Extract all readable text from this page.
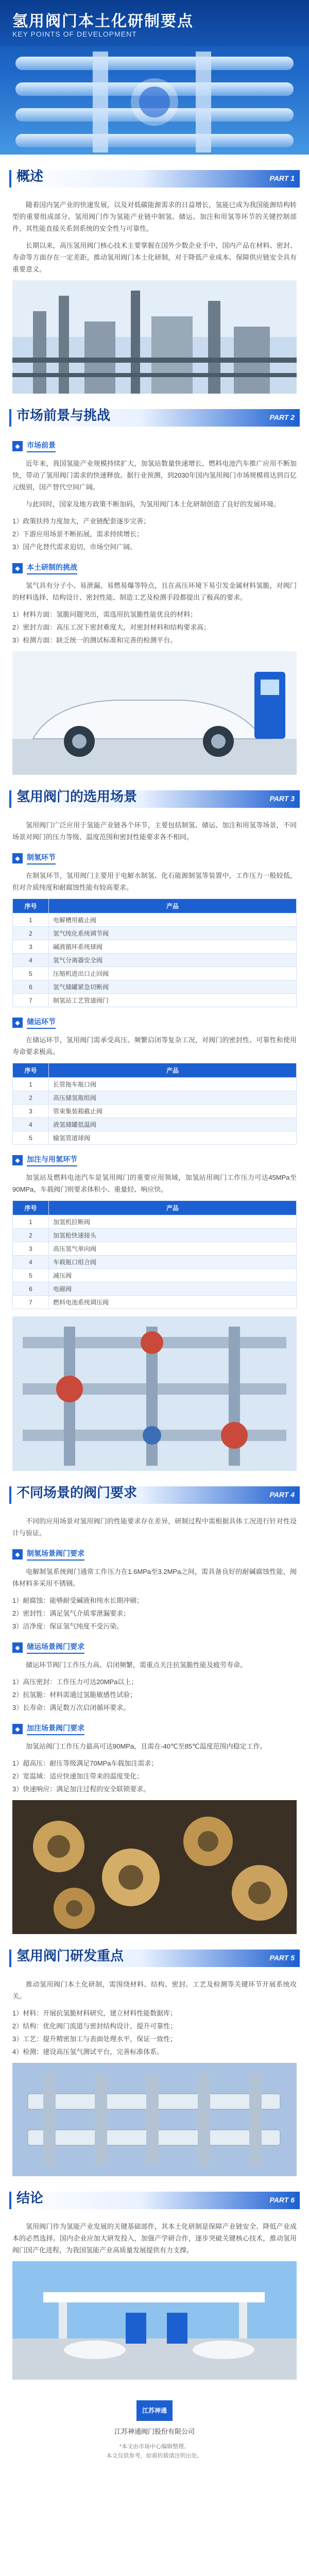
氢用阀门本土化研制要点
KEY POINTS OF DEVELOPMENT
概述	PART 1
随着国内氢产业的快速发展，以及对低碳能源需求的日益增长，氢能已成为我国能源结构转型的重要组成部分。氢用阀门作为氢能产业链中制氢、储运、加注和用氢等环节的关键控制部件，其性能直接关系到系统的安全性与可靠性。
长期以来，高压氢用阀门核心技术主要掌握在国外少数企业手中，国内产品在材料、密封、寿命等方面存在一定差距。推动氢用阀门本土化研制，对于降低产业成本、保障供应链安全具有重要意义。
市场前景与挑战	PART 2
◆ 市场前景
近年来，我国氢能产业规模持续扩大，加氢站数量快速增长，燃料电池汽车推广应用不断加快，带动了氢用阀门需求的快速释放。据行业预测，到2030年国内氢用阀门市场规模将达到百亿元级别，国产替代空间广阔。
与此同时，国家及地方政策不断加码，为氢用阀门本土化研制创造了良好的发展环境。
1）政策扶持力度加大，产业链配套逐步完善；
2）下游应用场景不断拓展，需求持续增长；
3）国产化替代需求迫切，市场空间广阔。
◆ 本土研制的挑战
氢气具有分子小、易泄漏、易燃易爆等特点，且在高压环境下易引发金属材料氢脆，对阀门的材料选择、结构设计、密封性能、制造工艺及检测手段都提出了极高的要求。
1）材料方面：氢脆问题突出，需选用抗氢脆性能优良的材料；
2）密封方面：高压工况下密封难度大，对密封材料和结构要求高；
3）检测方面：缺乏统一的测试标准和完善的检测平台。
氢用阀门的选用场景	PART 3
氢用阀门广泛应用于氢能产业链各个环节，主要包括制氢、储运、加注和用氢等场景，不同场景对阀门的压力等级、温度范围和密封性能要求各不相同。
◆ 制氢环节
在制氢环节，氢用阀门主要用于电解水制氢、化石能源制氢等装置中，工作压力一般较低，但对介质纯度和耐腐蚀性能有较高要求。
序号	产品
1	电解槽用截止阀
2	氢气纯化系统调节阀
3	碱液循环系统球阀
4	氢气分离器安全阀
5	压缩机进出口止回阀
6	氢气储罐紧急切断阀
7	制氢站工艺管道阀门
◆ 储运环节
在储运环节，氢用阀门需承受高压、频繁启闭等复杂工况，对阀门的密封性、可靠性和使用寿命要求极高。
序号	产品
1	长管拖车瓶口阀
2	高压储氢瓶组阀
3	管束集装箱截止阀
4	液氢储罐低温阀
5	输氢管道球阀
◆ 加注与用氢环节
加氢站及燃料电池汽车是氢用阀门的重要应用领域，加氢站用阀门工作压力可达45MPa至90MPa，车载阀门则要求体积小、重量轻、响应快。
序号	产品
1	加氢机拉断阀
2	加氢枪快速接头
3	高压氢气单向阀
4	车载瓶口组合阀
5	减压阀
6	电磁阀
7	燃料电池系统调压阀
不同场景的阀门要求	PART 4
不同的应用场景对氢用阀门的性能要求存在差异，研制过程中需根据具体工况进行针对性设计与验证。
◆ 制氢场景阀门要求
电解制氢系统阀门通常工作压力在1.6MPa至3.2MPa之间，需具备良好的耐碱腐蚀性能，阀体材料多采用不锈钢。
1）耐腐蚀：能够耐受碱液和纯水长期冲刷；
2）密封性：满足氢气介质零泄漏要求；
3）洁净度：保证氢气纯度不受污染。
◆ 储运场景阀门要求
储运环节阀门工作压力高、启闭频繁，需重点关注抗氢脆性能及疲劳寿命。
1）高压密封：工作压力可达20MPa以上；
2）抗氢脆：材料需通过氢脆敏感性试验；
3）长寿命：满足数万次启闭循环要求。
◆ 加注场景阀门要求
加氢站阀门工作压力最高可达90MPa，且需在-40℃至85℃温度范围内稳定工作。
1）超高压：耐压等级满足70MPa车载加注需求；
2）宽温域：适应快速加注带来的温度变化；
3）快速响应：满足加注过程的安全联锁要求。
氢用阀门研发重点	PART 5
推动氢用阀门本土化研制，需围绕材料、结构、密封、工艺及检测等关键环节开展系统攻关。
1）材料：开展抗氢脆材料研究，建立材料性能数据库；
2）结构：优化阀门流道与密封结构设计，提升可靠性；
3）工艺：提升精密加工与表面处理水平，保证一致性；
4）检测：建设高压氢气测试平台，完善标准体系。
结论	PART 6
氢用阀门作为氢能产业发展的关键基础部件，其本土化研制是保障产业链安全、降低产业成本的必然选择。国内企业应加大研发投入，加强产学研合作，逐步突破关键核心技术，推动氢用阀门国产化进程，为我国氢能产业高质量发展提供有力支撑。
江苏神通
江苏神通阀门股份有限公司
*本文由市场中心编辑整理。
本文仅供参考，如需转载请注明出处。
